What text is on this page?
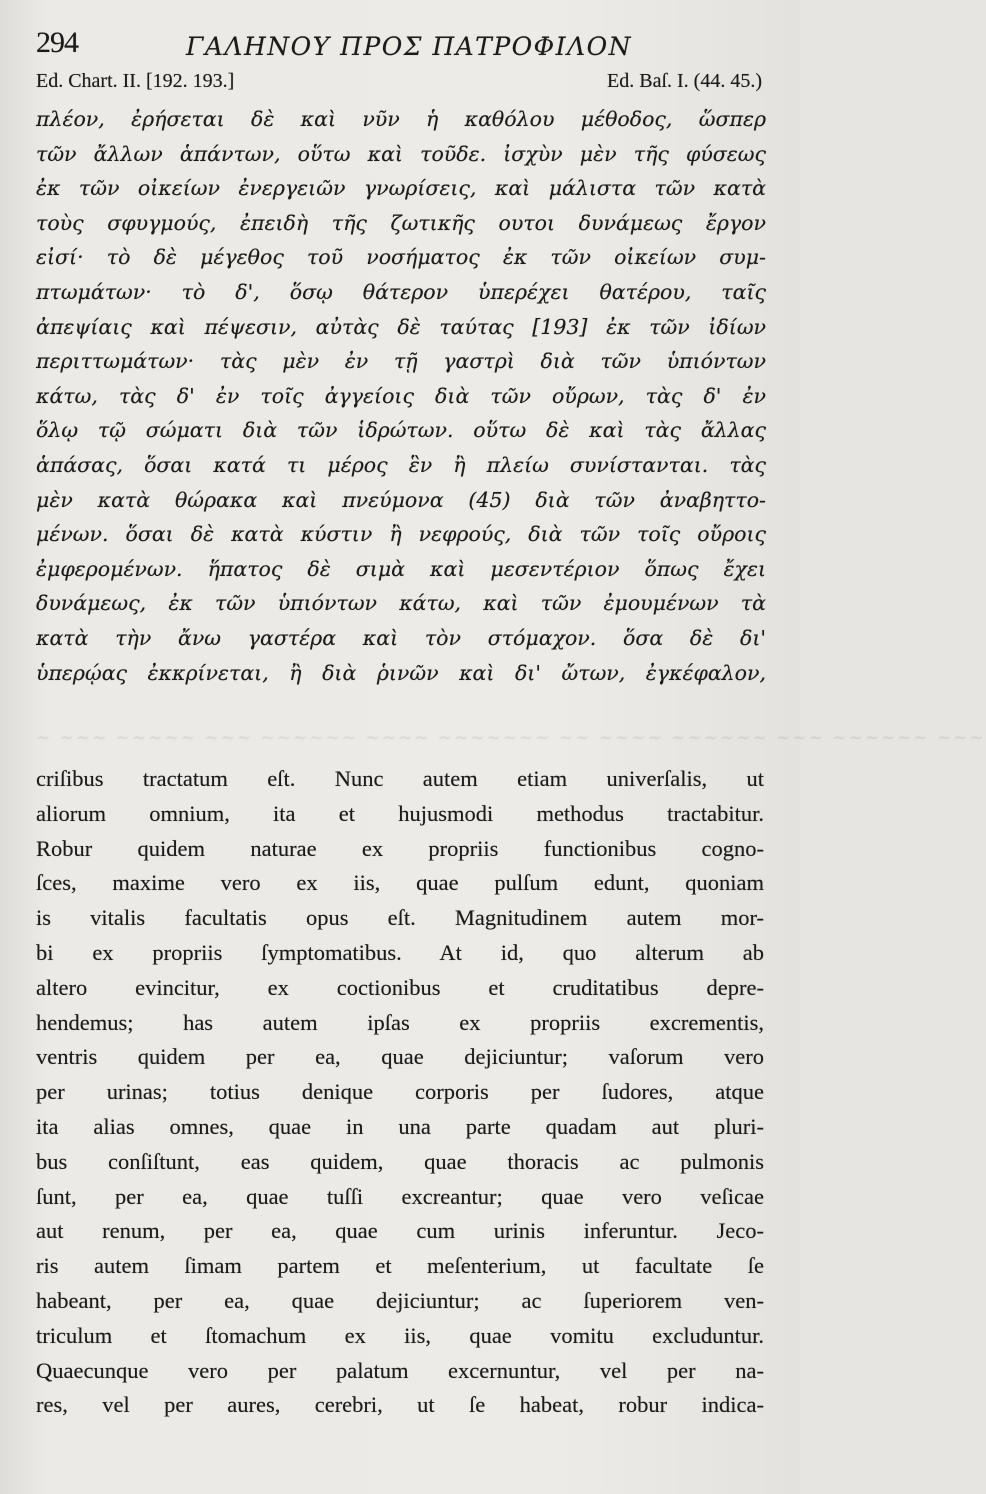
294	ΓΑΛΗΝΟΥ ΠΡΟΣ ΠΑΤΡΟΦΙΛΟΝ
Ed. Chart. II. [192. 193.]	Ed. Baſ. I. (44. 45.)
πλέον, ἐρήσεται δὲ καὶ νῦν ἡ καθόλου μέθοδος, ὥσπερ
τῶν ἄλλων ἁπάντων, οὕτω καὶ τοῦδε. ἰσχὺν μὲν τῆς φύσεως
ἐκ τῶν οἰκείων ἐνεργειῶν γνωρίσεις, καὶ μάλιστα τῶν κατὰ
τοὺς σφυγμούς, ἐπειδὴ τῆς ζωτικῆς ουτοι δυνάμεως ἔργον
εἰσί· τὸ δὲ μέγεθος τοῦ νοσήματος ἐκ τῶν οἰκείων συμ-
πτωμάτων· τὸ δ', ὅσῳ θάτερον ὑπερέχει θατέρου, ταῖς
ἀπεψίαις καὶ πέψεσιν, αὐτὰς δὲ ταύτας [193] ἐκ τῶν ἰδίων
περιττωμάτων· τὰς μὲν ἐν τῇ γαστρὶ διὰ τῶν ὑπιόντων
κάτω, τὰς δ' ἐν τοῖς ἀγγείοις διὰ τῶν οὔρων, τὰς δ' ἐν
ὅλῳ τῷ σώματι διὰ τῶν ἱδρώτων. οὕτω δὲ καὶ τὰς ἄλλας
ἁπάσας, ὅσαι κατά τι μέρος ἓν ἢ πλείω συνίστανται. τὰς
μὲν κατὰ θώρακα καὶ πνεύμονα (45) διὰ τῶν ἀναβηττο-
μένων. ὅσαι δὲ κατὰ κύστιν ἢ νεφρούς, διὰ τῶν τοῖς οὔροις
ἐμφερομένων. ἥπατος δὲ σιμὰ καὶ μεσεντέριον ὅπως ἔχει
δυνάμεως, ἐκ τῶν ὑπιόντων κάτω, καὶ τῶν ἐμουμένων τὰ
κατὰ τὴν ἄνω γαστέρα καὶ τὸν στόμαχον. ὅσα δὲ δι'
ὑπερῴας ἐκκρίνεται, ἢ διὰ ῥινῶν καὶ δι' ὤτων, ἐγκέφαλον,
~ ~~~ ~~~~~ ~~~ ~~~~~~ ~~~~ ~~~~~~~ ~~ ~~~~ ~~~~~~ ~~~ ~~~~~~ ~~~
criſibus tractatum eſt. Nunc autem etiam univerſalis, ut
aliorum omnium, ita et hujusmodi methodus tractabitur.
Robur quidem naturae ex propriis functionibus cogno-
ſces, maxime vero ex iis, quae pulſum edunt, quoniam
is vitalis facultatis opus eſt. Magnitudinem autem mor-
bi ex propriis ſymptomatibus. At id, quo alterum ab
altero evincitur, ex coctionibus et cruditatibus depre-
hendemus; has autem ipſas ex propriis excrementis,
ventris quidem per ea, quae dejiciuntur; vaſorum vero
per urinas; totius denique corporis per ſudores, atque
ita alias omnes, quae in una parte quadam aut pluri-
bus conſiſtunt, eas quidem, quae thoracis ac pulmonis
ſunt, per ea, quae tuſſi excreantur; quae vero veſicae
aut renum, per ea, quae cum urinis inferuntur. Jeco-
ris autem ſimam partem et meſenterium, ut facultate ſe
habeant, per ea, quae dejiciuntur; ac ſuperiorem ven-
triculum et ſtomachum ex iis, quae vomitu excluduntur.
Quaecunque vero per palatum excernuntur, vel per na-
res, vel per aures, cerebri, ut ſe habeat, robur indica-
